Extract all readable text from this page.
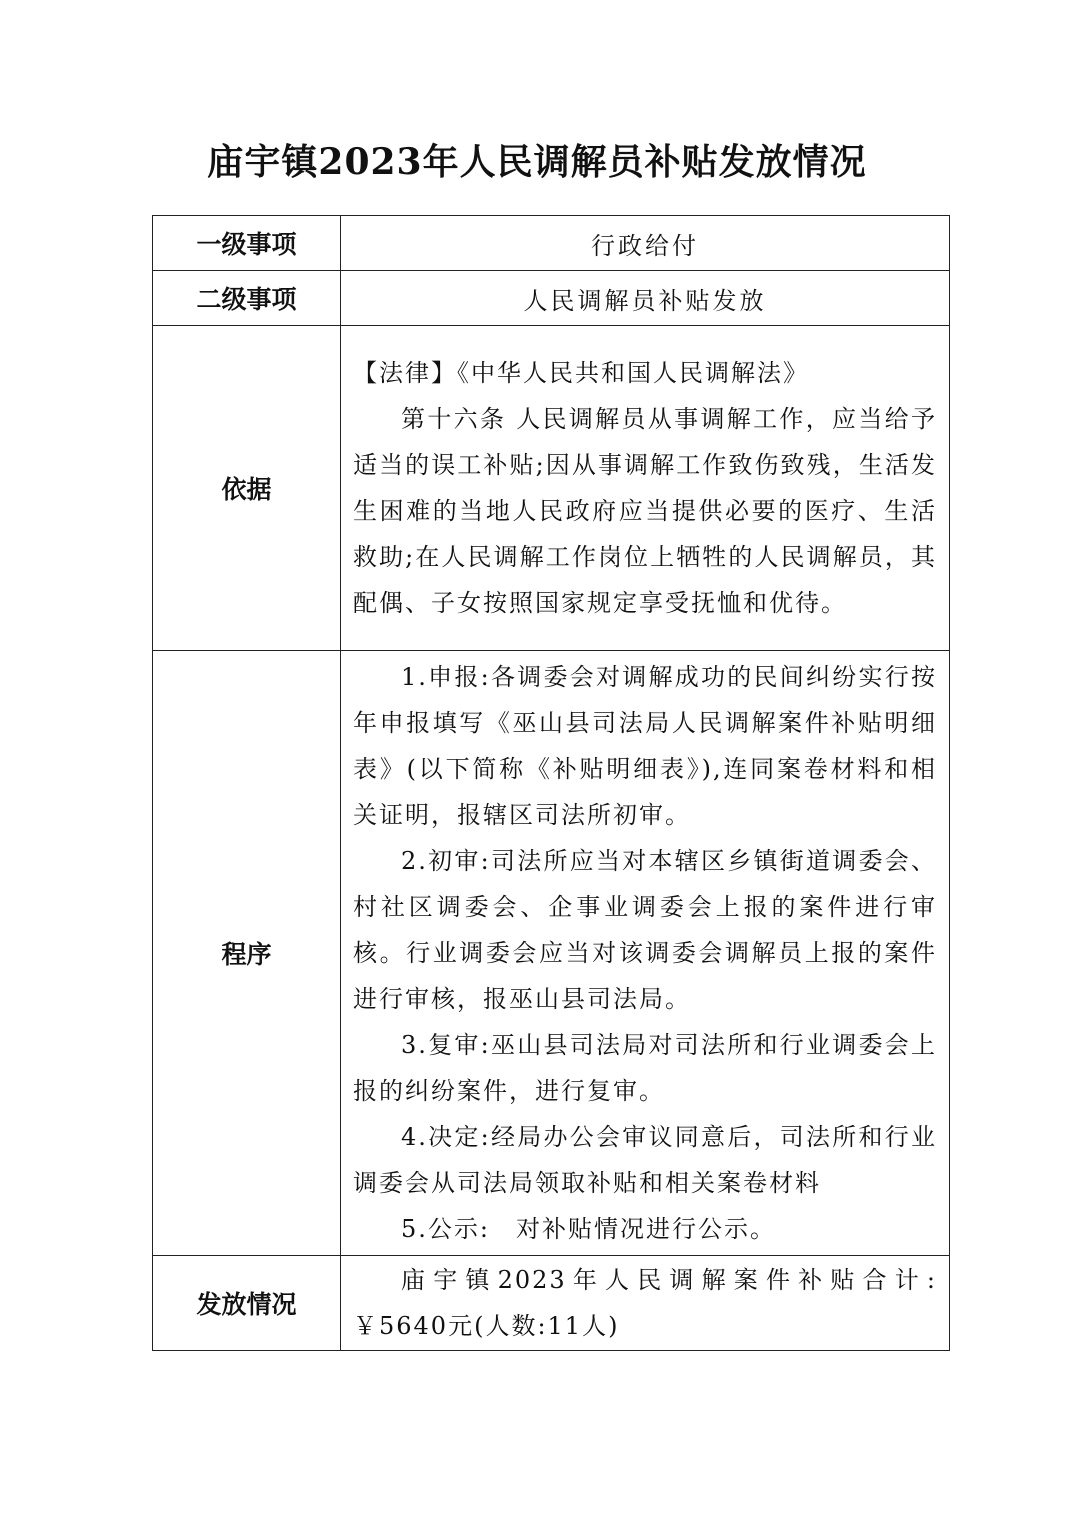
庙宇镇2023年人民调解员补贴发放情况
一级事项	行政给付
二级事项	人民调解员补贴发放
依据	【法律】《中华人民共和国人民调解法》

第十六条 人民调解员从事调解工作，应当给予适当的误工补贴;因从事调解工作致伤致残，生活发生困难的当地人民政府应当提供必要的医疗、生活救助;在人民调解工作岗位上牺牲的人民调解员，其配偶、子女按照国家规定享受抚恤和优待。

程序	1.申报:各调委会对调解成功的民间纠纷实行按年申报填写《巫山县司法局人民调解案件补贴明细表》(以下简称《补贴明细表》),连同案卷材料和相关证明，报辖区司法所初审。

2.初审:司法所应当对本辖区乡镇街道调委会、村社区调委会、企事业调委会上报的案件进行审核。行业调委会应当对该调委会调解员上报的案件进行审核，报巫山县司法局。

3.复审:巫山县司法局对司法所和行业调委会上报的纠纷案件，进行复审。

4.决定:经局办公会审议同意后，司法所和行业调委会从司法局领取补贴和相关案卷材料

5.公示:　对补贴情况进行公示。

发放情况	庙宇镇2023年人民调解案件补贴合计:￥5640元(人数:11人)
